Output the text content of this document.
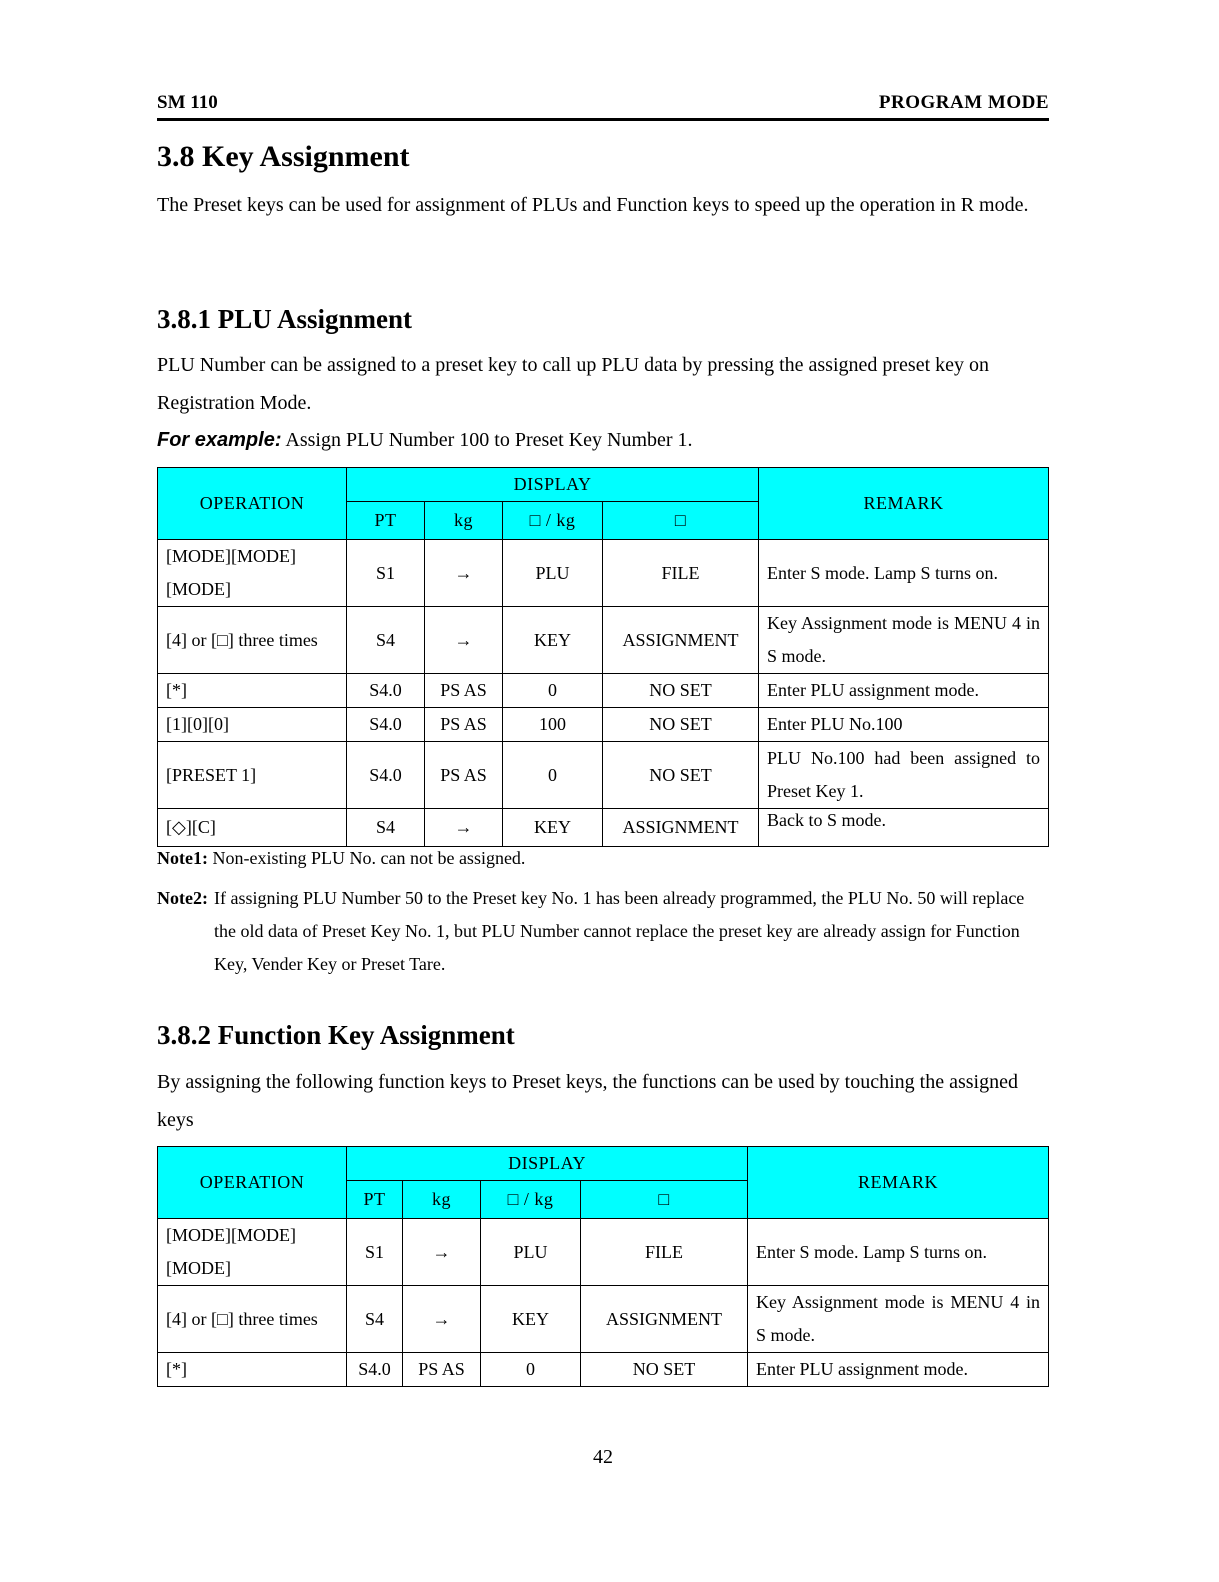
SM 110	PROGRAM MODE
3.8 Key Assignment

The Preset keys can be used for assignment of PLUs and Function keys to speed up the operation in R mode.

3.8.1 PLU Assignment

PLU Number can be assigned to a preset key to call up PLU data by pressing the assigned preset key on Registration Mode.

For example: Assign PLU Number 100 to Preset Key Number 1.

OPERATION	DISPLAY				REMARK
	PT	kg	□ / kg	□	
[MODE][MODE] [MODE]	S1	→	PLU	FILE	Enter S mode. Lamp S turns on.
[4] or [□] three times	S4	→	KEY	ASSIGNMENT	Key Assignment mode is MENU 4 in S mode.
[*]	S4.0	PS AS	0	NO SET	Enter PLU assignment mode.
[1][0][0]	S4.0	PS AS	100	NO SET	Enter PLU No.100
[PRESET 1]	S4.0	PS AS	0	NO SET	PLU No.100 had been assigned to Preset Key 1.
[◇][C]	S4	→	KEY	ASSIGNMENT	Back to S mode.
Note1: Non-existing PLU No. can not be assigned.
Note2: If assigning PLU Number 50 to the Preset key No. 1 has been already programmed, the PLU No. 50 will replace the old data of Preset Key No. 1, but PLU Number cannot replace the preset key are already assign for Function Key, Vender Key or Preset Tare.
3.8.2 Function Key Assignment

By assigning the following function keys to Preset keys, the functions can be used by touching the assigned keys

OPERATION	DISPLAY				REMARK
	PT	kg	□ / kg	□	
[MODE][MODE] [MODE]	S1	→	PLU	FILE	Enter S mode. Lamp S turns on.
[4] or [□] three times	S4	→	KEY	ASSIGNMENT	Key Assignment mode is MENU 4 in S mode.
[*]	S4.0	PS AS	0	NO SET	Enter PLU assignment mode.
42
